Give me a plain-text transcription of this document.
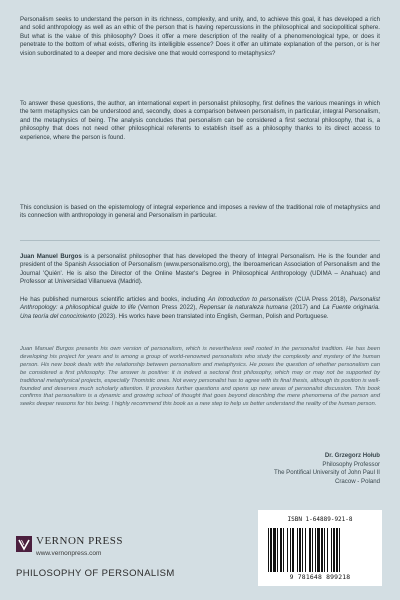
Personalism seeks to understand the person in its richness, complexity, and unity, and, to achieve this goal, it has developed a rich and solid anthropology as well as an ethic of the person that is having repercussions in the philosophical and sociopolitical sphere. But what is the value of this philosophy? Does it offer a mere description of the reality of a phenomenological type, or does it penetrate to the bottom of what exists, offering its intelligible essence? Does it offer an ultimate explanation of the person, or is her vision subordinated to a deeper and more decisive one that would correspond to metaphysics?

To answer these questions, the author, an international expert in personalist philosophy, first defines the various meanings in which the term metaphysics can be understood and, secondly, does a comparison between personalism, in particular, integral Personalism, and the metaphysics of being. The analysis concludes that personalism can be considered a first sectoral philosophy, that is, a philosophy that does not need other philosophical referents to establish itself as a philosophy thanks to its direct access to experience, where the person is found.

This conclusion is based on the epistemology of integral experience and imposes a review of the traditional role of metaphysics and its connection with anthropology in general and Personalism in particular.

Juan Manuel Burgos is a personalist philosopher that has developed the theory of Integral Personalism. He is the founder and president of the Spanish Association of Personalism (www.personalismo.org), the Iberoamerican Association of Personalism and the Journal 'Quién'. He is also the Director of the Online Master's Degree in Philosophical Anthropology (UDIMA – Anahuac) and Professor at Universidad Villanueva (Madrid).

He has published numerous scientific articles and books, including An Introduction to personalism (CUA Press 2018), Personalist Anthropology: a philosophical guide to life (Vernon Press 2022), Repensar la naturaleza humana (2017) and La Fuente originaria. Una teoría del conocimiento (2023). His works have been translated into English, German, Polish and Portuguese.

Juan Manuel Burgos presents his own version of personalism, which is nevertheless well rooted in the personalist tradition. He has been developing his project for years and is among a group of world-renowned personalists who study the complexity and mystery of the human person. His new book deals with the relationship between personalism and metaphysics. He poses the question of whether personalism can be considered a first philosophy. The answer is positive: it is indeed a sectoral first philosophy, which may or may not be supported by traditional metaphysical projects, especially Thomistic ones. Not every personalist has to agree with its final thesis, although its position is well-founded and deserves much scholarly attention. It provokes further questions and opens up new areas of personalist discussion. This book confirms that personalism is a dynamic and growing school of thought that goes beyond describing the mere phenomena of the person and seeks deeper reasons for his being. I highly recommend this book as a new step to help us better understand the reality of the human person.

Dr. Grzegorz Hołub
Philosophy Professor
The Pontifical University of John Paul II
Cracow - Poland
VERNON PRESS
www.vernonpress.com
PHILOSOPHY OF PERSONALISM
ISBN 1-64889-921-8
9 781648 899218
